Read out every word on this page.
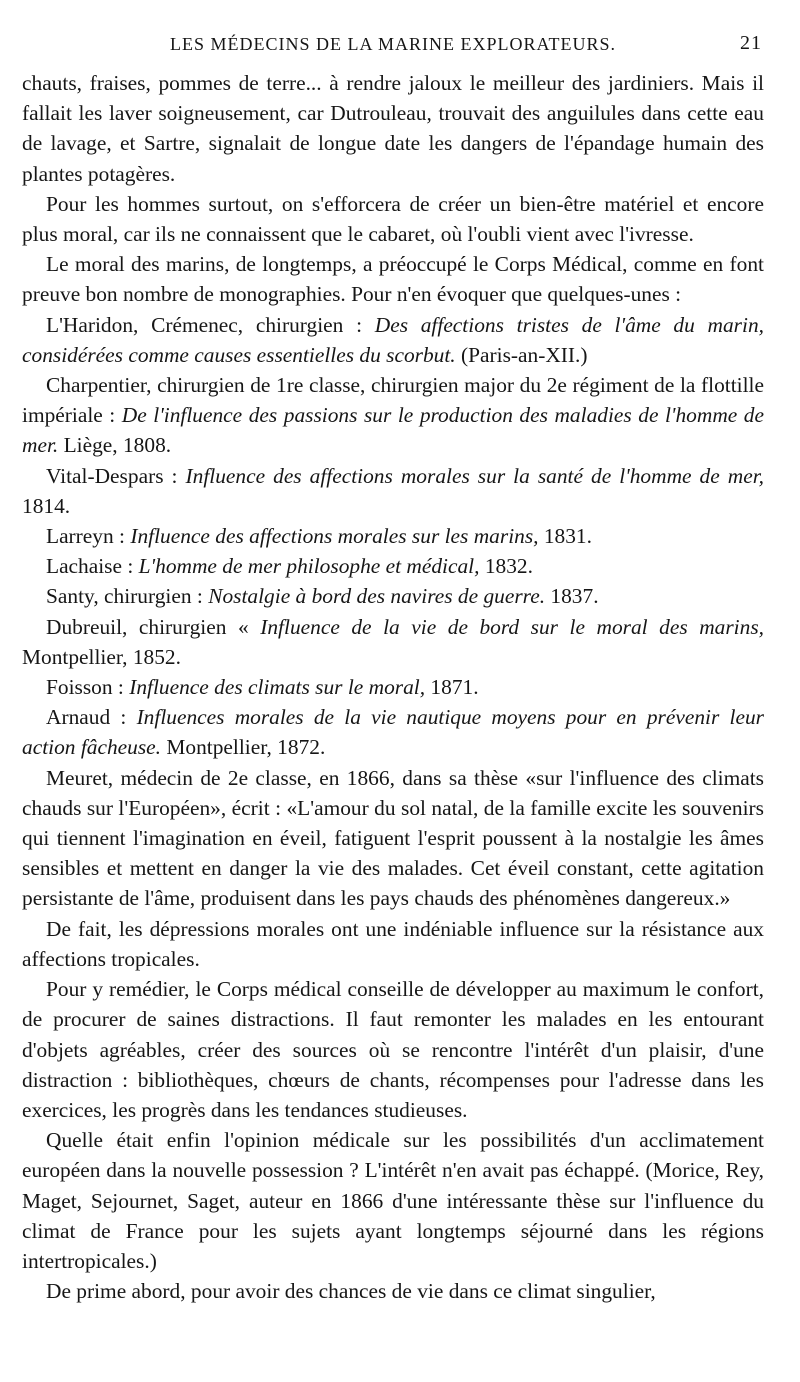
LES MÉDECINS DE LA MARINE EXPLORATEURS.	21

chauts, fraises, pommes de terre... à rendre jaloux le meilleur des jardiniers. Mais il fallait les laver soigneusement, car Dutrouleau, trouvait des anguilules dans cette eau de lavage, et Sartre, signalait de longue date les dangers de l'épandage humain des plantes potagères.

Pour les hommes surtout, on s'efforcera de créer un bien-être matériel et encore plus moral, car ils ne connaissent que le cabaret, où l'oubli vient avec l'ivresse.

Le moral des marins, de longtemps, a préoccupé le Corps Médical, comme en font preuve bon nombre de monographies. Pour n'en évoquer que quelques-unes :

L'Haridon, Crémenec, chirurgien : Des affections tristes de l'âme du marin, considérées comme causes essentielles du scorbut. (Paris-an-XII.)

Charpentier, chirurgien de 1re classe, chirurgien major du 2e régiment de la flottille impériale : De l'influence des passions sur le production des maladies de l'homme de mer. Liège, 1808.

Vital-Despars : Influence des affections morales sur la santé de l'homme de mer, 1814.

Larreyn : Influence des affections morales sur les marins, 1831.

Lachaise : L'homme de mer philosophe et médical, 1832.

Santy, chirurgien : Nostalgie à bord des navires de guerre. 1837.

Dubreuil, chirurgien « Influence de la vie de bord sur le moral des marins, Montpellier, 1852.

Foisson : Influence des climats sur le moral, 1871.

Arnaud : Influences morales de la vie nautique moyens pour en prévenir leur action fâcheuse. Montpellier, 1872.

Meuret, médecin de 2e classe, en 1866, dans sa thèse «sur l'influence des climats chauds sur l'Européen», écrit : «L'amour du sol natal, de la famille excite les souvenirs qui tiennent l'imagination en éveil, fatiguent l'esprit poussent à la nostalgie les âmes sensibles et mettent en danger la vie des malades. Cet éveil constant, cette agitation persistante de l'âme, produisent dans les pays chauds des phénomènes dangereux.»

De fait, les dépressions morales ont une indéniable influence sur la résistance aux affections tropicales.

Pour y remédier, le Corps médical conseille de développer au maximum le confort, de procurer de saines distractions. Il faut remonter les malades en les entourant d'objets agréables, créer des sources où se rencontre l'intérêt d'un plaisir, d'une distraction : bibliothèques, chœurs de chants, récompenses pour l'adresse dans les exercices, les progrès dans les tendances studieuses.

Quelle était enfin l'opinion médicale sur les possibilités d'un acclimatement européen dans la nouvelle possession ? L'intérêt n'en avait pas échappé. (Morice, Rey, Maget, Sejournet, Saget, auteur en 1866 d'une intéressante thèse sur l'influence du climat de France pour les sujets ayant longtemps séjourné dans les régions intertropicales.)

De prime abord, pour avoir des chances de vie dans ce climat singulier,
